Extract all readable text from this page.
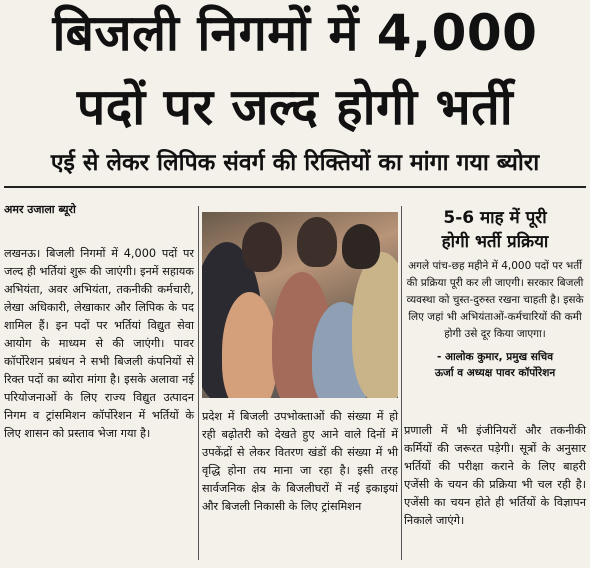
बिजली निगमों में 4,000
पदों पर जल्द होगी भर्ती
एई से लेकर लिपिक संवर्ग की रिक्तियों का मांगा गया ब्योरा
अमर उजाला ब्यूरो
लखनऊ। बिजली निगमों में 4,000 पदों पर जल्द ही भर्तियां शुरू की जाएंगी। इनमें सहायक अभियंता, अवर अभियंता, तकनीकी कर्मचारी, लेखा अधिकारी, लेखाकार और लिपिक के पद शामिल हैं। इन पदों पर भर्तियां विद्युत सेवा आयोग के माध्यम से की जाएंगी। पावर कॉर्पोरेशन प्रबंधन ने सभी बिजली कंपनियों से रिक्त पदों का ब्योरा मांगा है। इसके अलावा नई परियोजनाओं के लिए राज्य विद्युत उत्पादन निगम व ट्रांसमिशन कॉर्पोरेशन में भर्तियों के लिए शासन को प्रस्ताव भेजा गया है।
प्रदेश में बिजली उपभोक्ताओं की संख्या में हो रही बढ़ोतरी को देखते हुए आने वाले दिनों में उपकेंद्रों से लेकर वितरण खंडों की संख्या में भी वृद्धि होना तय माना जा रहा है। इसी तरह सार्वजनिक क्षेत्र के बिजलीघरों में नई इकाइयां और बिजली निकासी के लिए ट्रांसमिशन
5-6 माह में पूरी
होगी भर्ती प्रक्रिया
अगले पांच-छह महीने में 4,000 पदों पर भर्ती की प्रक्रिया पूरी कर ली जाएगी। सरकार बिजली व्यवस्था को चुस्त-दुरुस्त रखना चाहती है। इसके लिए जहां भी अभियंताओं-कर्मचारियों की कमी होगी उसे दूर किया जाएगा।
- आलोक कुमार, प्रमुख सचिव
ऊर्जा व अध्यक्ष पावर कॉर्पोरेशन
प्रणाली में भी इंजीनियरों और तकनीकी कर्मियों की जरूरत पड़ेगी। सूत्रों के अनुसार भर्तियों की परीक्षा कराने के लिए बाहरी एजेंसी के चयन की प्रक्रिया भी चल रही है। एजेंसी का चयन होते ही भर्तियों के विज्ञापन निकाले जाएंगे।
